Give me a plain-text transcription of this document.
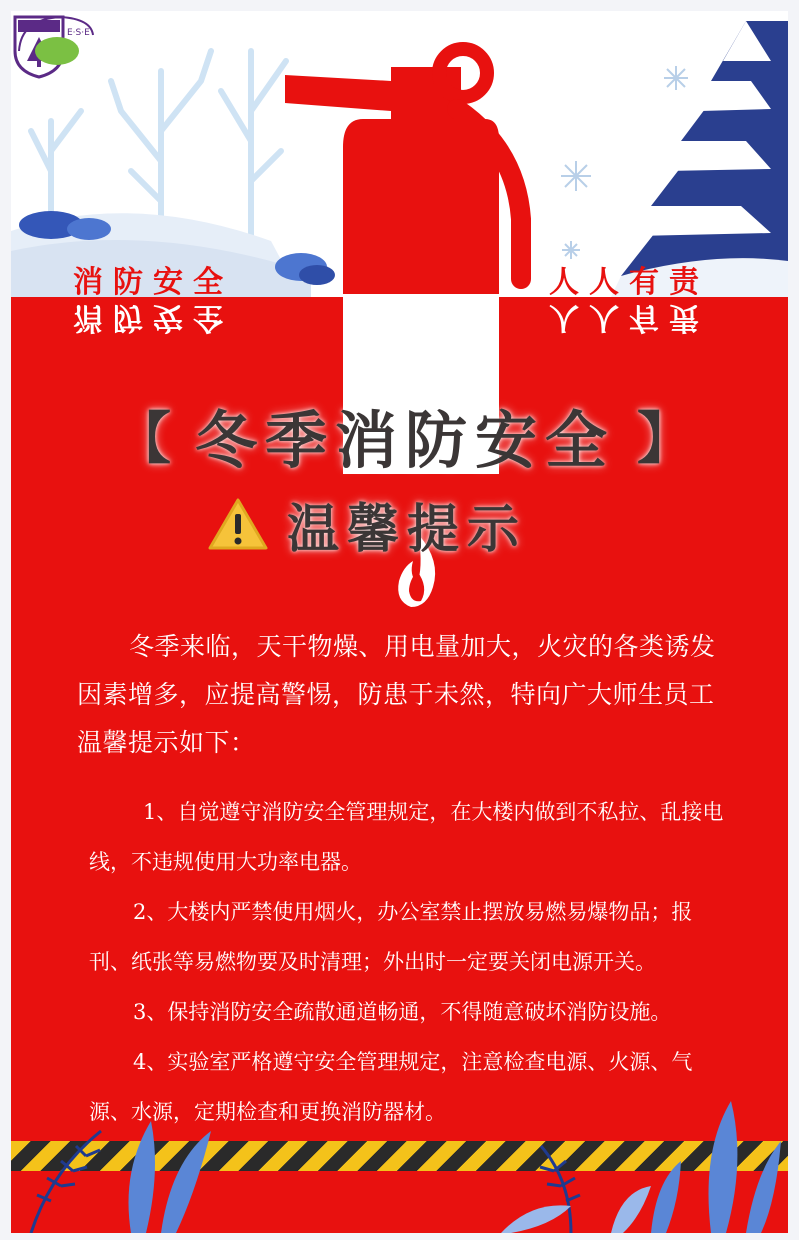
E·S·E
消防安全
消防安全
人人有责
人人有责
【 冬季消防安全 】
温馨提示
冬季来临，天干物燥、用电量加大，火灾的各类诱发因素增多，应提高警惕，防患于未然，特向广大师生员工温馨提示如下：
1、自觉遵守消防安全管理规定，在大楼内做到不私拉、乱接电线，不违规使用大功率电器。
2、大楼内严禁使用烟火，办公室禁止摆放易燃易爆物品；报刊、纸张等易燃物要及时清理；外出时一定要关闭电源开关。
3、保持消防安全疏散通道畅通，不得随意破坏消防设施。
4、实验室严格遵守安全管理规定，注意检查电源、火源、气源、水源，定期检查和更换消防器材。
